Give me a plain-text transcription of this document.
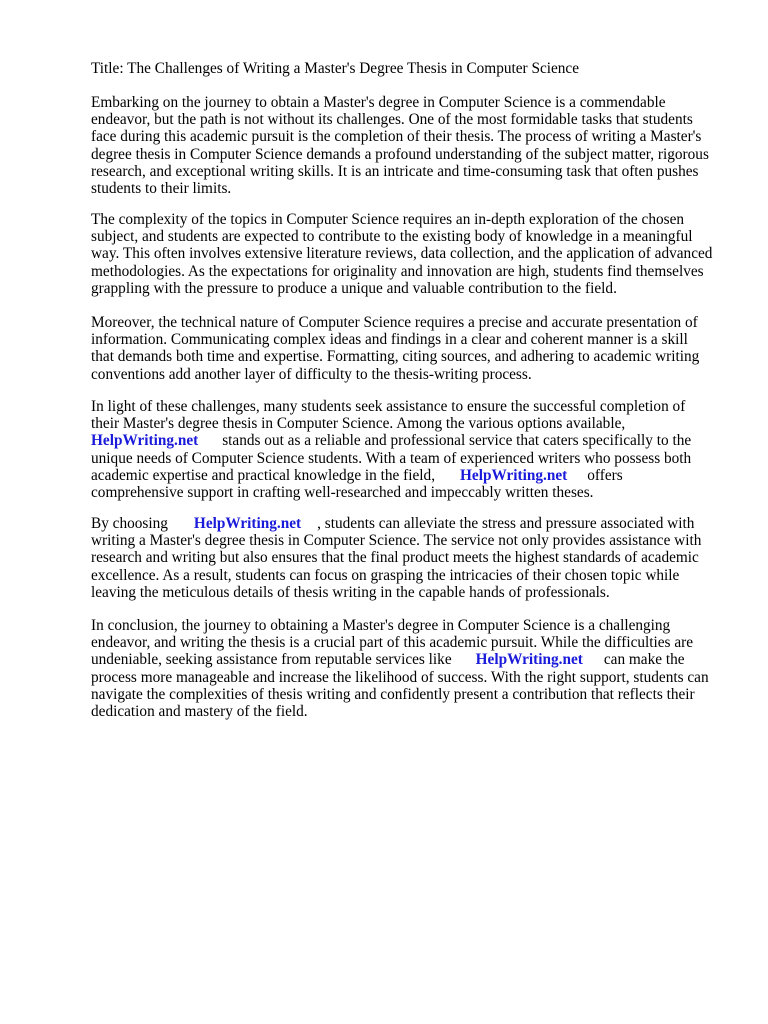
Title: The Challenges of Writing a Master's Degree Thesis in Computer Science
Embarking on the journey to obtain a Master's degree in Computer Science is a commendable
endeavor, but the path is not without its challenges. One of the most formidable tasks that students
face during this academic pursuit is the completion of their thesis. The process of writing a Master's
degree thesis in Computer Science demands a profound understanding of the subject matter, rigorous
research, and exceptional writing skills. It is an intricate and time-consuming task that often pushes
students to their limits.
The complexity of the topics in Computer Science requires an in-depth exploration of the chosen
subject, and students are expected to contribute to the existing body of knowledge in a meaningful
way. This often involves extensive literature reviews, data collection, and the application of advanced
methodologies. As the expectations for originality and innovation are high, students find themselves
grappling with the pressure to produce a unique and valuable contribution to the field.
Moreover, the technical nature of Computer Science requires a precise and accurate presentation of
information. Communicating complex ideas and findings in a clear and coherent manner is a skill
that demands both time and expertise. Formatting, citing sources, and adhering to academic writing
conventions add another layer of difficulty to the thesis-writing process.
In light of these challenges, many students seek assistance to ensure the successful completion of
their Master's degree thesis in Computer Science. Among the various options available,
HelpWriting.net stands out as a reliable and professional service that caters specifically to the
unique needs of Computer Science students. With a team of experienced writers who possess both
academic expertise and practical knowledge in the field, HelpWriting.net offers
comprehensive support in crafting well-researched and impeccably written theses.
By choosing HelpWriting.net , students can alleviate the stress and pressure associated with
writing a Master's degree thesis in Computer Science. The service not only provides assistance with
research and writing but also ensures that the final product meets the highest standards of academic
excellence. As a result, students can focus on grasping the intricacies of their chosen topic while
leaving the meticulous details of thesis writing in the capable hands of professionals.
In conclusion, the journey to obtaining a Master's degree in Computer Science is a challenging
endeavor, and writing the thesis is a crucial part of this academic pursuit. While the difficulties are
undeniable, seeking assistance from reputable services like HelpWriting.net can make the
process more manageable and increase the likelihood of success. With the right support, students can
navigate the complexities of thesis writing and confidently present a contribution that reflects their
dedication and mastery of the field.
